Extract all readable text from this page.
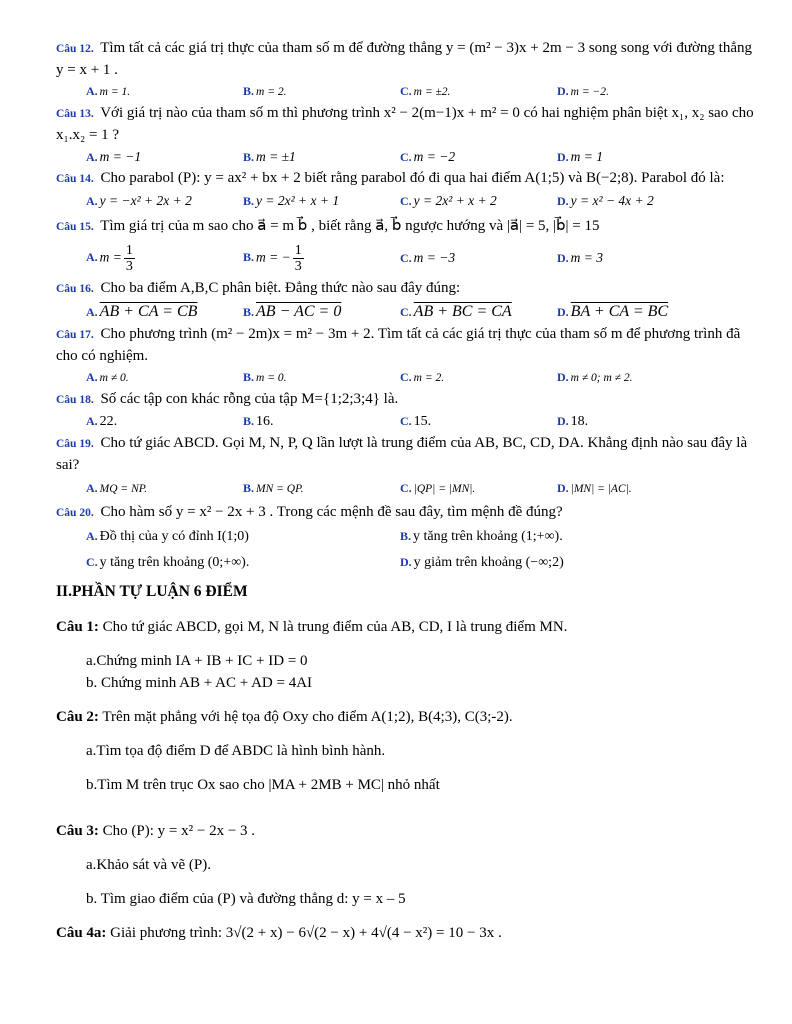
Câu 12. Tìm tất cả các giá trị thực của tham số m để đường thẳng y = (m² − 3)x + 2m − 3 song song với đường thẳng y = x + 1 .
A. m = 1.	B. m = 2.	C. m = ±2.	D. m = −2.
Câu 13. Với giá trị nào của tham số m thì phương trình x² − 2(m−1)x + m² = 0 có hai nghiệm phân biệt x₁, x₂ sao cho x₁.x₂ = 1 ?
A. m = −1	B. m = ±1	C. m = −2	D. m = 1
Câu 14. Cho parabol (P): y = ax² + bx + 2 biết rằng parabol đó đi qua hai điểm A(1;5) và B(−2;8). Parabol đó là:
A. y = −x² + 2x + 2	B. y = 2x² + x + 1	C. y = 2x² + x + 2	D. y = x² − 4x + 2
Câu 15. Tìm giá trị của m sao cho a⃗ = m b⃗ , biết rằng a⃗, b⃗ ngược hướng và |a⃗| = 5, |b⃗| = 15
A. $m = \frac{1}{3}$	B. m = − $\frac{1}{3}$	C. m = −3	D. m = 3
Câu 16. Cho ba điểm A,B,C phân biệt. Đẳng thức nào sau đây đúng:
A. AB + CA = CB	B. AB − AC = 0	C. AB + BC = CA	D. BA + CA = BC
Câu 17. Cho phương trình (m² − 2m)x = m² − 3m + 2. Tìm tất cả các giá trị thực của tham số m để phương trình đã cho có nghiệm.
A. m ≠ 0.	B. m = 0.	C. m = 2.	D. m ≠ 0; m ≠ 2.
Câu 18. Số các tập con khác rỗng của tập M={1;2;3;4} là.
A. 22.	B. 16.	C. 15.	D. 18.
Câu 19. Cho tứ giác ABCD. Gọi M, N, P, Q lần lượt là trung điểm của AB, BC, CD, DA. Khẳng định nào sau đây là sai?
A. MQ = NP.	B. MN = QP.	C. |QP| = |MN|.	D. |MN| = |AC|.
Câu 20. Cho hàm số y = x² − 2x + 3 . Trong các mệnh đề sau đây, tìm mệnh đề đúng?
A. Đồ thị của y có đỉnh I(1;0)	B. y tăng trên khoảng (1;+∞).
C. y tăng trên khoảng (0;+∞).	D. y giảm trên khoảng (−∞;2)
II.PHẦN TỰ LUẬN 6 ĐIỂM
Câu 1: Cho tứ giác ABCD, gọi M, N là trung điểm của AB, CD, I là trung điểm MN.
a.Chứng minh IA + IB + IC + ID = 0
b. Chứng minh AB + AC + AD = 4AI
Câu 2: Trên mặt phẳng với hệ tọa độ Oxy cho điểm A(1;2), B(4;3), C(3;-2).
a.Tìm tọa độ điểm D để ABDC là hình bình hành.
b.Tìm M trên trục Ox sao cho |MA + 2MB + MC| nhỏ nhất
Câu 3: Cho (P): y = x² − 2x − 3 .
a.Khảo sát và vẽ (P).
b. Tìm giao điểm của (P) và đường thẳng d: y = x – 5
Câu 4a: Giải phương trình: 3√(2 + x) − 6√(2 − x) + 4√(4 − x²) = 10 − 3x .
